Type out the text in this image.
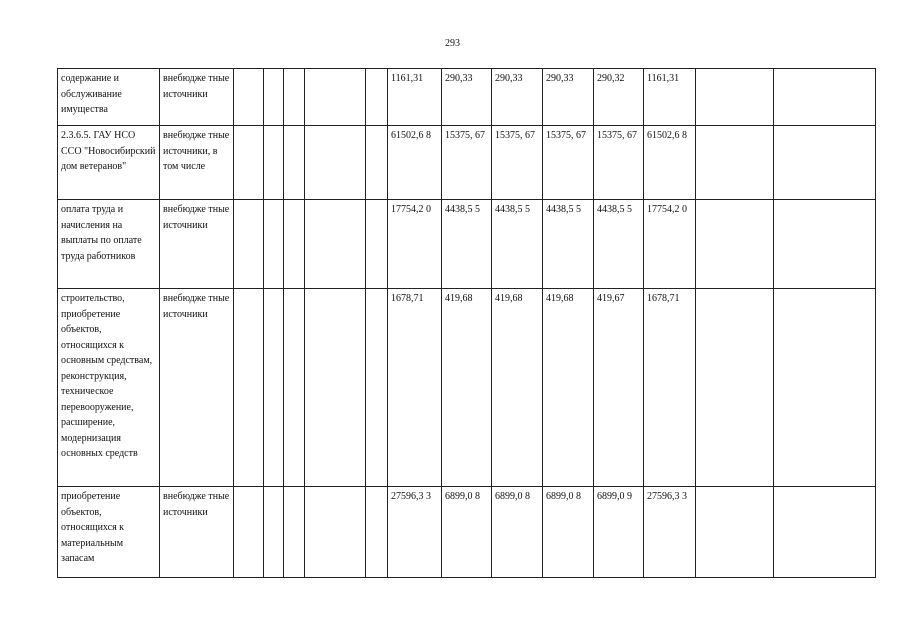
293
содержание и обслуживание имущества	внебюдже тные источники						1161,31	290,33	290,33	290,33	290,32	1161,31		
2.3.6.5. ГАУ НСО ССО "Новосибирский дом ветеранов"	внебюдже тные источники, в том числе						61502,6 8	15375, 67	15375, 67	15375, 67	15375, 67	61502,6 8		
оплата труда и начисления на выплаты по оплате труда работников	внебюдже тные источники						17754,2 0	4438,5 5	4438,5 5	4438,5 5	4438,5 5	17754,2 0		
строительство, приобретение объектов, относящихся к основным средствам, реконструкция, техническое перевооружение, расширение, модернизация основных средств	внебюдже тные источники						1678,71	419,68	419,68	419,68	419,67	1678,71		
приобретение объектов, относящихся к материальным запасам	внебюдже тные источники						27596,3 3	6899,0 8	6899,0 8	6899,0 8	6899,0 9	27596,3 3		
